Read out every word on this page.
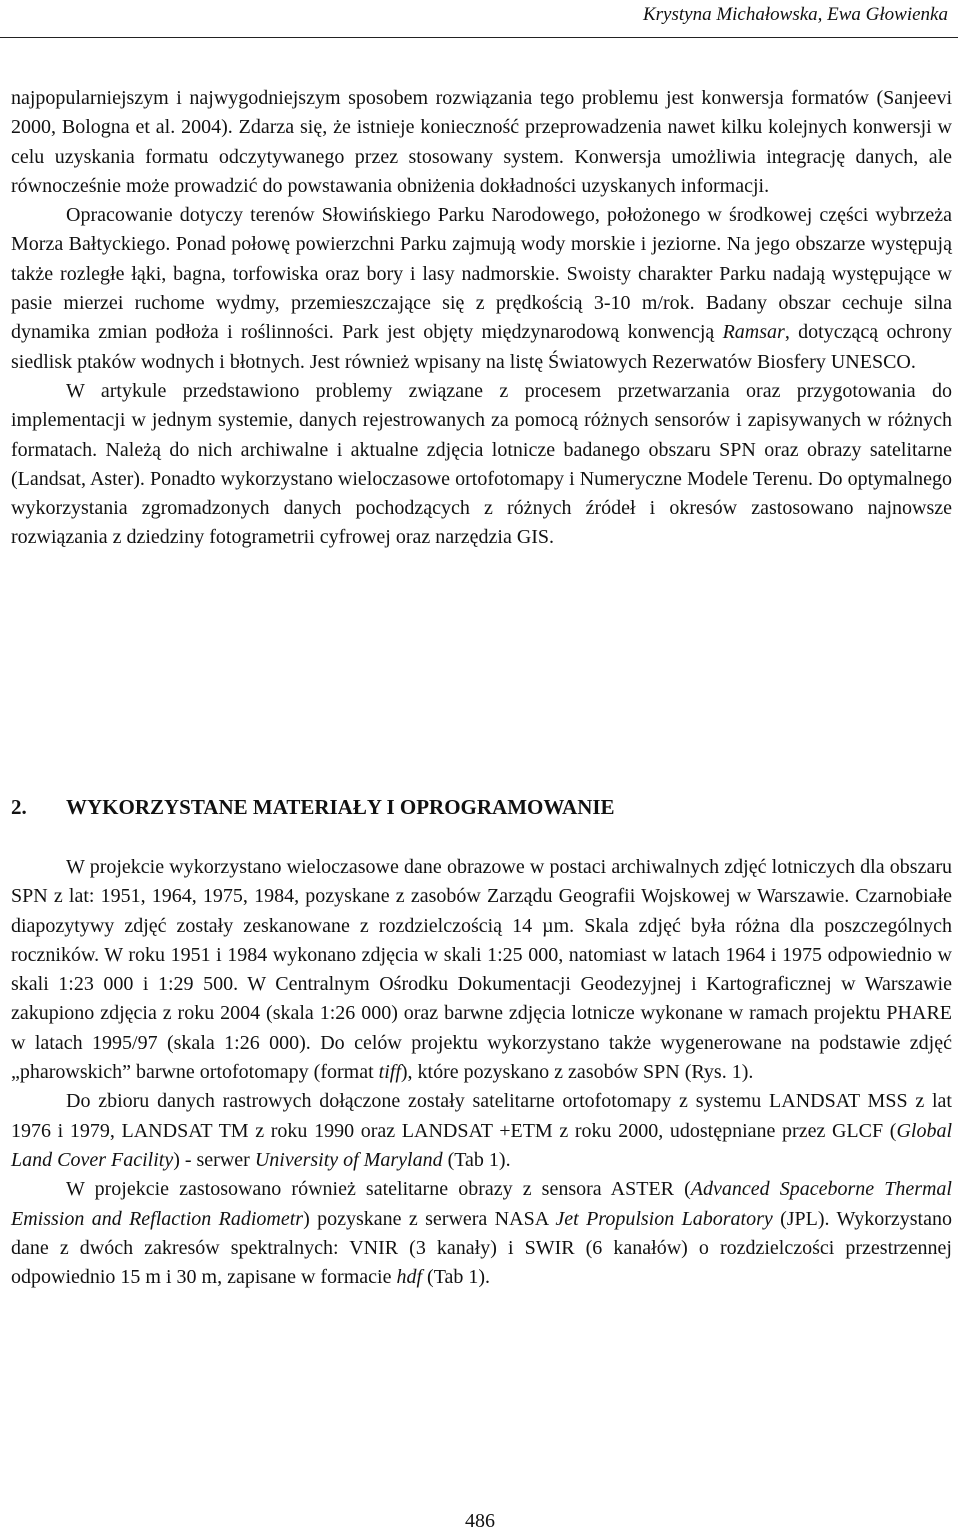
Krystyna Michałowska, Ewa Głowienka

najpopularniejszym i najwygodniejszym sposobem rozwiązania tego problemu jest konwersja formatów (Sanjeevi 2000, Bologna et al. 2004). Zdarza się, że istnieje konieczność przeprowadzenia nawet kilku kolejnych konwersji w celu uzyskania formatu odczytywanego przez stosowany system. Konwersja umożliwia integrację danych, ale równocześnie może prowadzić do powstawania obniżenia dokładności uzyskanych informacji.

Opracowanie dotyczy terenów Słowińskiego Parku Narodowego, położonego w środkowej części wybrzeża Morza Bałtyckiego. Ponad połowę powierzchni Parku zajmują wody morskie i jeziorne. Na jego obszarze występują także rozległe łąki, bagna, torfowiska oraz bory i lasy nadmorskie. Swoisty charakter Parku nadają występujące w pasie mierzei ruchome wydmy, przemieszczające się z prędkością 3-10 m/rok. Badany obszar cechuje silna dynamika zmian podłoża i roślinności. Park jest objęty międzynarodową konwencją Ramsar, dotyczącą ochrony siedlisk ptaków wodnych i błotnych. Jest również wpisany na listę Światowych Rezerwatów Biosfery UNESCO.

W artykule przedstawiono problemy związane z procesem przetwarzania oraz przygotowania do implementacji w jednym systemie, danych rejestrowanych za pomocą różnych sensorów i zapisywanych w różnych formatach. Należą do nich archiwalne i aktualne zdjęcia lotnicze badanego obszaru SPN oraz obrazy satelitarne (Landsat, Aster). Ponadto wykorzystano wieloczasowe ortofotomapy i Numeryczne Modele Terenu. Do optymalnego wykorzystania zgromadzonych danych pochodzących z różnych źródeł i okresów zastosowano najnowsze rozwiązania z dziedziny fotogrametrii cyfrowej oraz narzędzia GIS.

2. WYKORZYSTANE MATERIAŁY I OPROGRAMOWANIE

W projekcie wykorzystano wieloczasowe dane obrazowe w postaci archiwalnych zdjęć lotniczych dla obszaru SPN z lat: 1951, 1964, 1975, 1984, pozyskane z zasobów Zarządu Geografii Wojskowej w Warszawie. Czarnobiałe diapozytywy zdjęć zostały zeskanowane z rozdzielczością 14 µm. Skala zdjęć była różna dla poszczególnych roczników. W roku 1951 i 1984 wykonano zdjęcia w skali 1:25 000, natomiast w latach 1964 i 1975 odpowiednio w skali 1:23 000 i 1:29 500. W Centralnym Ośrodku Dokumentacji Geodezyjnej i Kartograficznej w Warszawie zakupiono zdjęcia z roku 2004 (skala 1:26 000) oraz barwne zdjęcia lotnicze wykonane w ramach projektu PHARE w latach 1995/97 (skala 1:26 000). Do celów projektu wykorzystano także wygenerowane na podstawie zdjęć „pharowskich” barwne ortofotomapy (format tiff), które pozyskano z zasobów SPN (Rys. 1).

Do zbioru danych rastrowych dołączone zostały satelitarne ortofotomapy z systemu LANDSAT MSS z lat 1976 i 1979, LANDSAT TM z roku 1990 oraz LANDSAT +ETM z roku 2000, udostępniane przez GLCF (Global Land Cover Facility) - serwer University of Maryland (Tab 1).

W projekcie zastosowano również satelitarne obrazy z sensora ASTER (Advanced Spaceborne Thermal Emission and Reflaction Radiometr) pozyskane z serwera NASA Jet Propulsion Laboratory (JPL). Wykorzystano dane z dwóch zakresów spektralnych: VNIR (3 kanały) i SWIR (6 kanałów) o rozdzielczości przestrzennej odpowiednio 15 m i 30 m, zapisane w formacie hdf (Tab 1).

486
